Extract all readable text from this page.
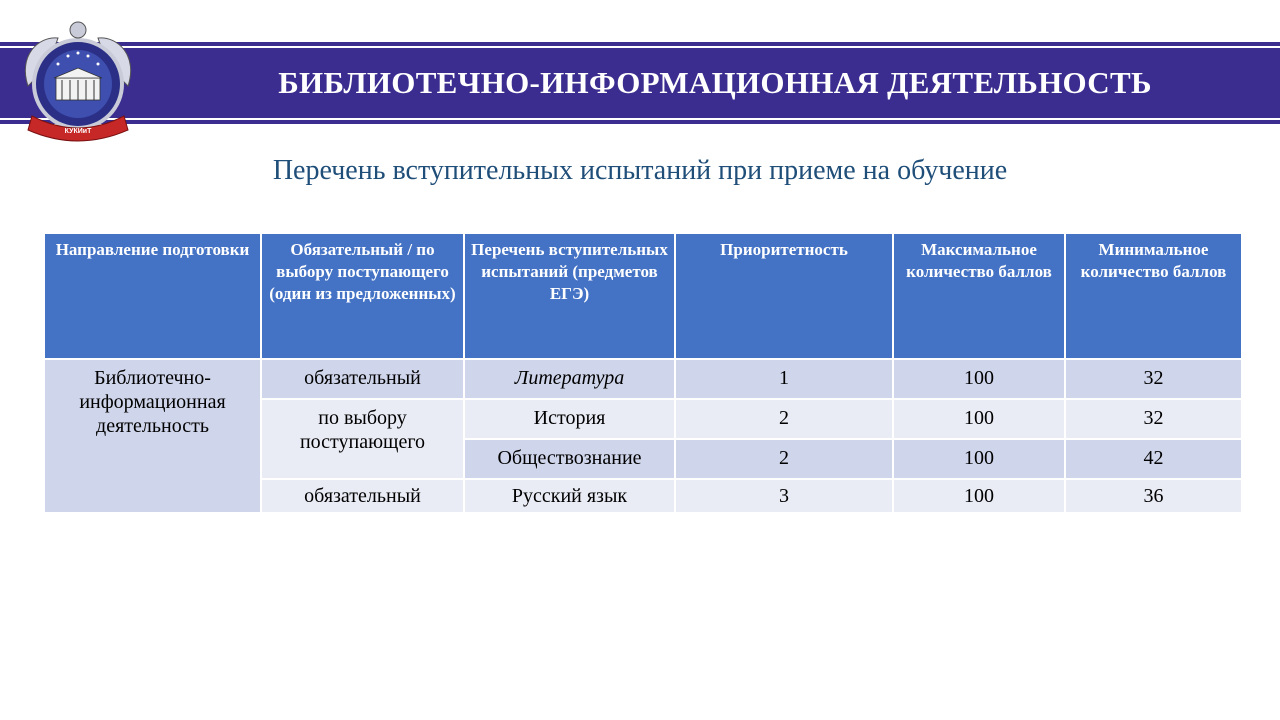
БИБЛИОТЕЧНО-ИНФОРМАЦИОННАЯ ДЕЯТЕЛЬНОСТЬ
КУКИиТ
Перечень вступительных испытаний при приеме на обучение
Направление подготовки	Обязательный / по выбору поступающего (один из предложенных)	Перечень вступительных испытаний (предметов ЕГЭ)	Приоритетность	Максимальное количество баллов	Минимальное количество баллов
Библиотечно-информационная деятельность	обязательный	Литература	1	100	32
	по выбору поступающего	История	2	100	32
		Обществознание	2	100	42
	обязательный	Русский язык	3	100	36
